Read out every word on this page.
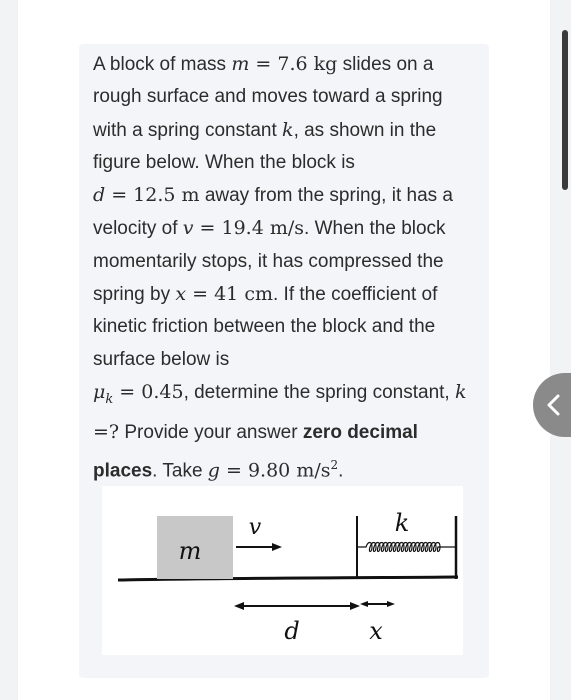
A block of mass m = 7.6 kg slides on a rough surface and moves toward a spring with a spring constant k, as shown in the figure below. When the block is
d = 12.5 m away from the spring, it has a velocity of v = 19.4 m/s. When the block momentarily stops, it has compressed the spring by x = 41 cm. If the coefficient of kinetic friction between the block and the surface below is
$\mu_k = 0.45$, determine the spring constant, k =? Provide your answer zero decimal places. Take g = 9.80 $m/s^2$.
m
v	k
d	x
